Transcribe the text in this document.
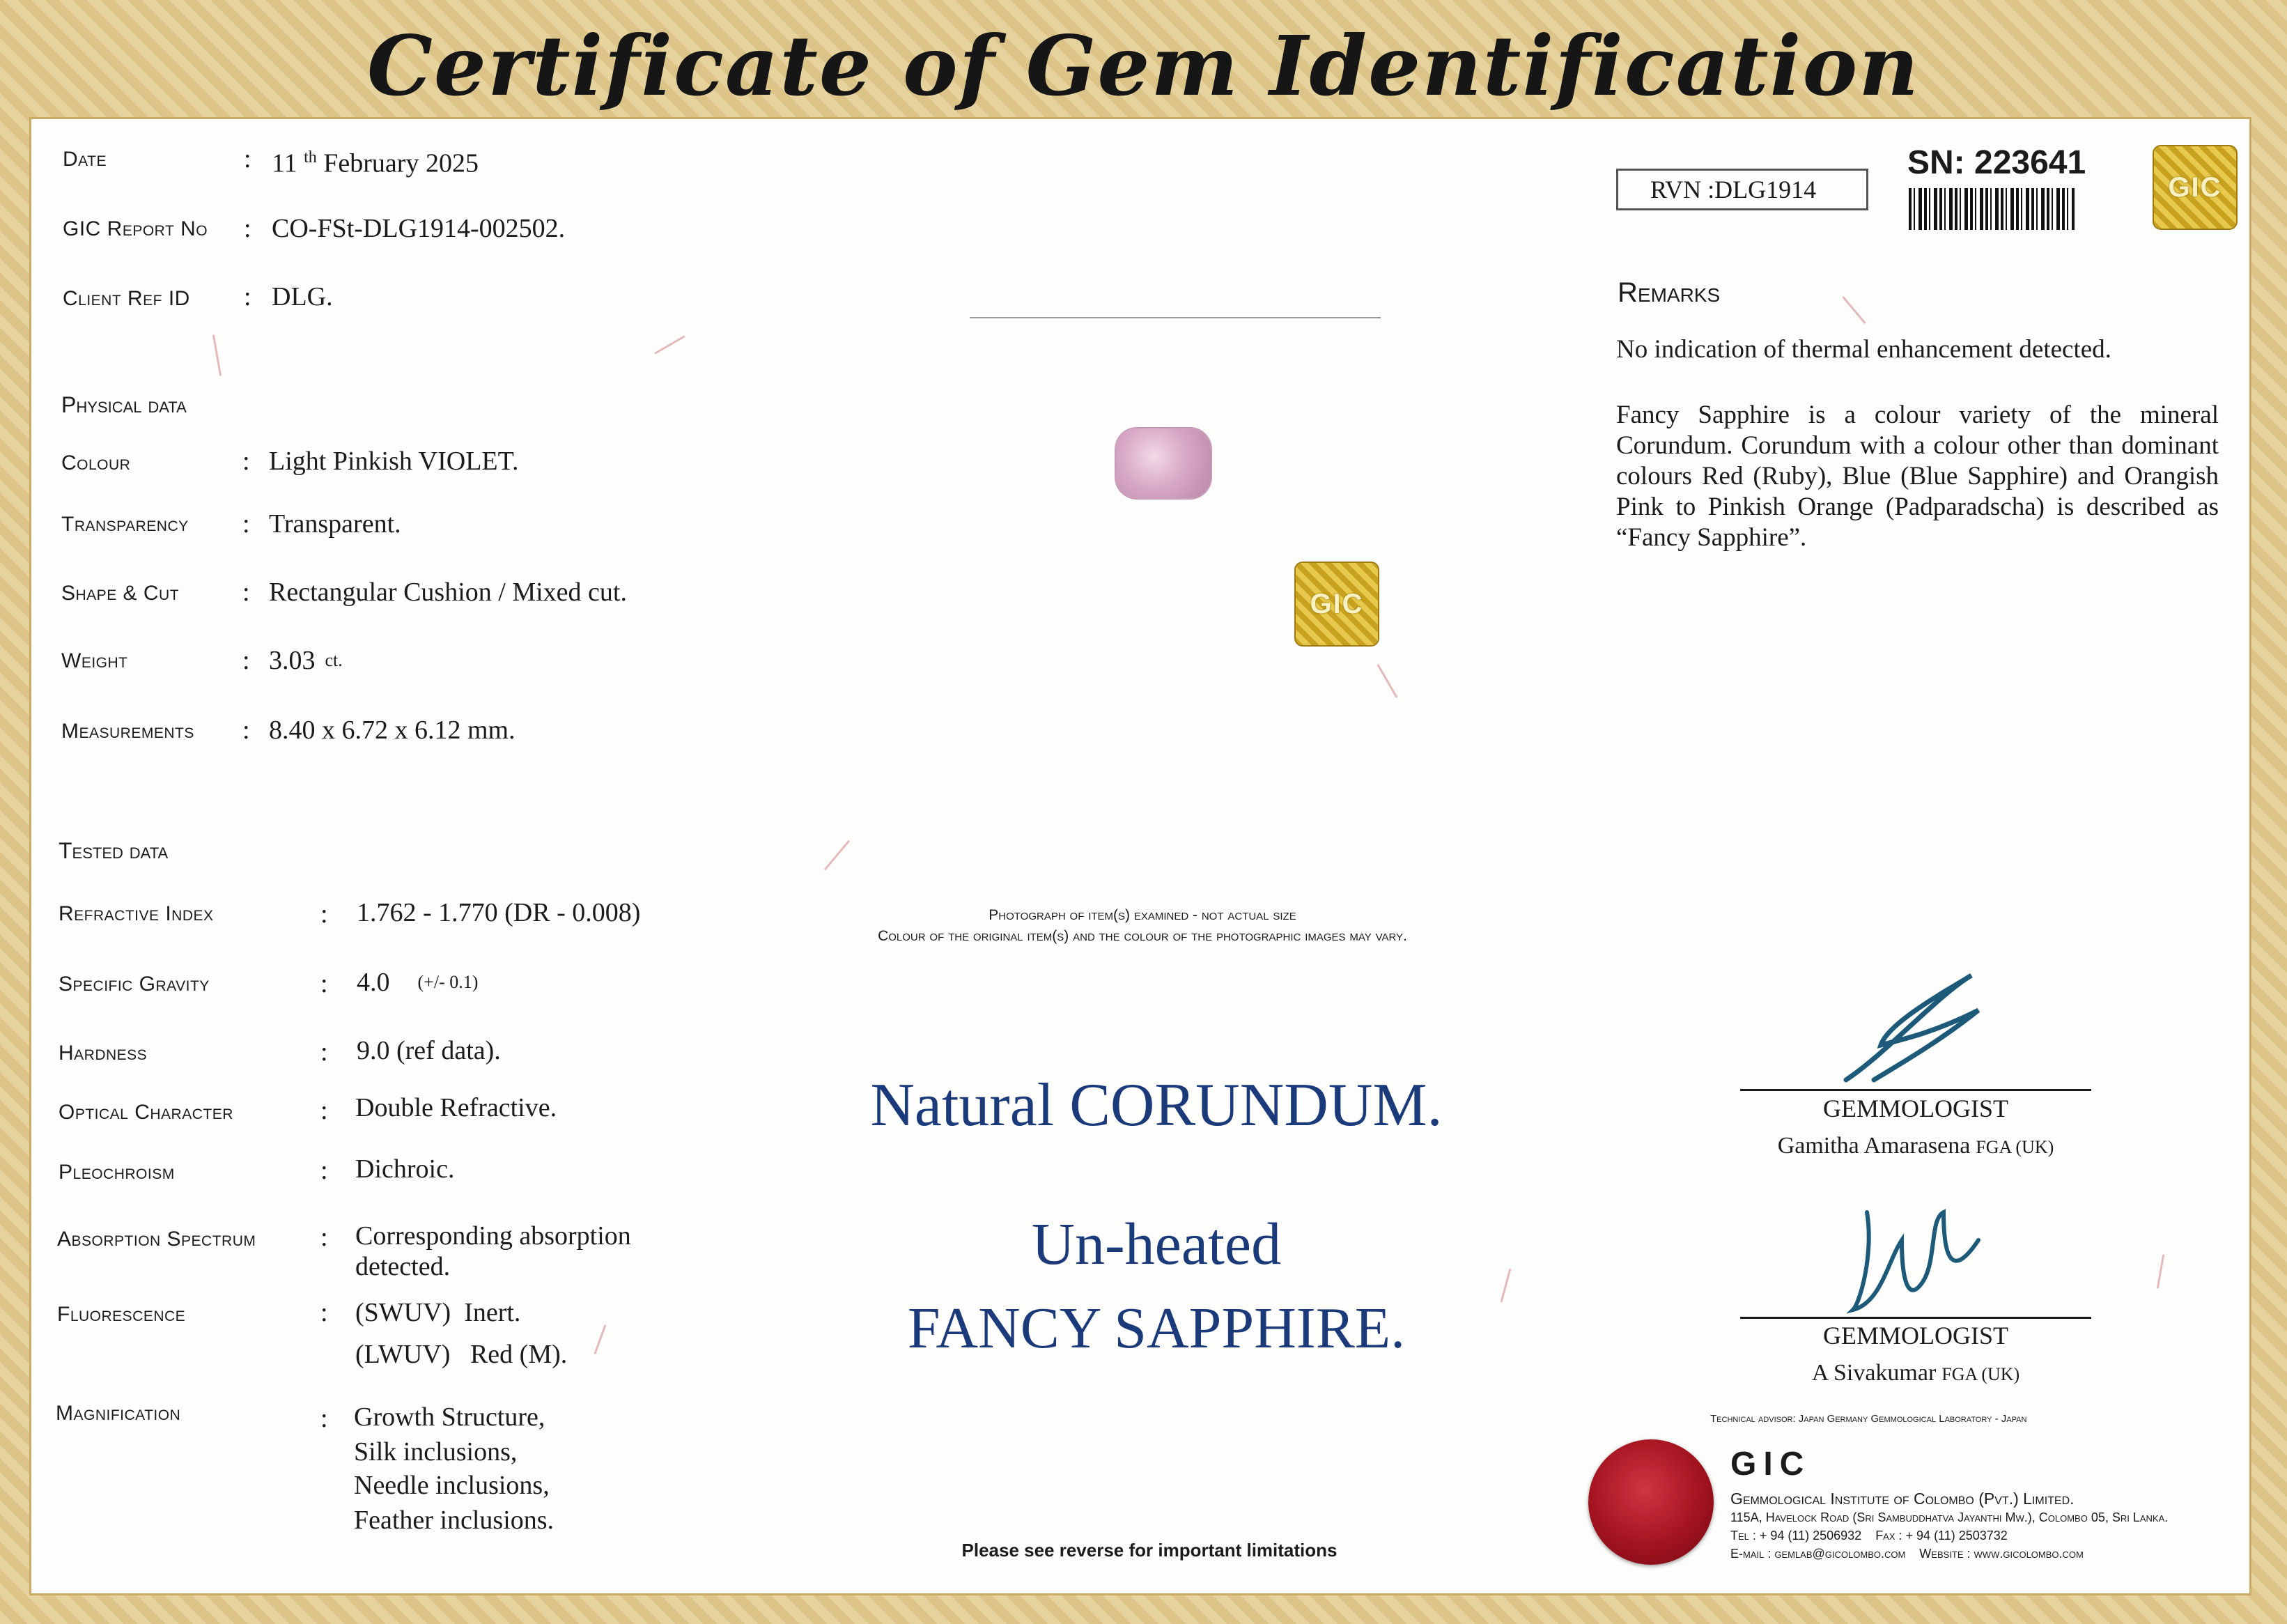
Certificate of Gem Identification
Date	: 11 $^{th}$ February 2025
GIC Report No : CO-FSt-DLG1914-002502.
Client Ref ID : DLG.
Physical data
Colour	: Light Pinkish VIOLET.
Transparency : Transparent.
Shape & Cut : Rectangular Cushion / Mixed cut.
Weight	: 3.03 $^{ct.}$
Measurements : 8.40 x 6.72 x 6.12 mm.
Tested data
Refractive Index	: 1.762 - 1.770 (DR - 0.008)
Specific Gravity	: 4.0 $^{(+/- 0.1)}$
Hardness	: 9.0 (ref data).
Optical Character	: Double Refractive.
Pleochroism	: Dichroic.
Absorption Spectrum : Corresponding absorption
detected.
Fluorescence	: (SWUV) Inert.
(LWUV) Red (M).
Magnification	: Growth Structure,
Silk inclusions,
Needle inclusions,
Feather inclusions.
GIC
Photograph of item(s) examined - not actual size
Colour of the original item(s) and the colour of the photographic images may vary.
Natural CORUNDUM.
Un-heated
FANCY SAPPHIRE.
Please see reverse for important limitations
RVN :DLG1914
SN: 223641
GIC
Remarks
No indication of thermal enhancement detected.
Fancy Sapphire is a colour variety of the mineral Corundum. Corundum with a colour other than dominant colours Red (Ruby), Blue (Blue Sapphire) and Orangish Pink to Pinkish Orange (Padparadscha) is described as “Fancy Sapphire”.
GEMMOLOGIST
Gamitha Amarasena FGA (UK)
GEMMOLOGIST
A Sivakumar FGA (UK)
Technical advisor: Japan Germany Gemmological Laboratory - Japan
GIC
Gemmological Institute of Colombo (Pvt.) Limited.
115A, Havelock Road (Sri Sambuddhatva Jayanthi Mw.), Colombo 05, Sri Lanka.
Tel : + 94 (11) 2506932    Fax : + 94 (11) 2503732
E-mail : gemlab@gicolombo.com    Website : www.gicolombo.com
